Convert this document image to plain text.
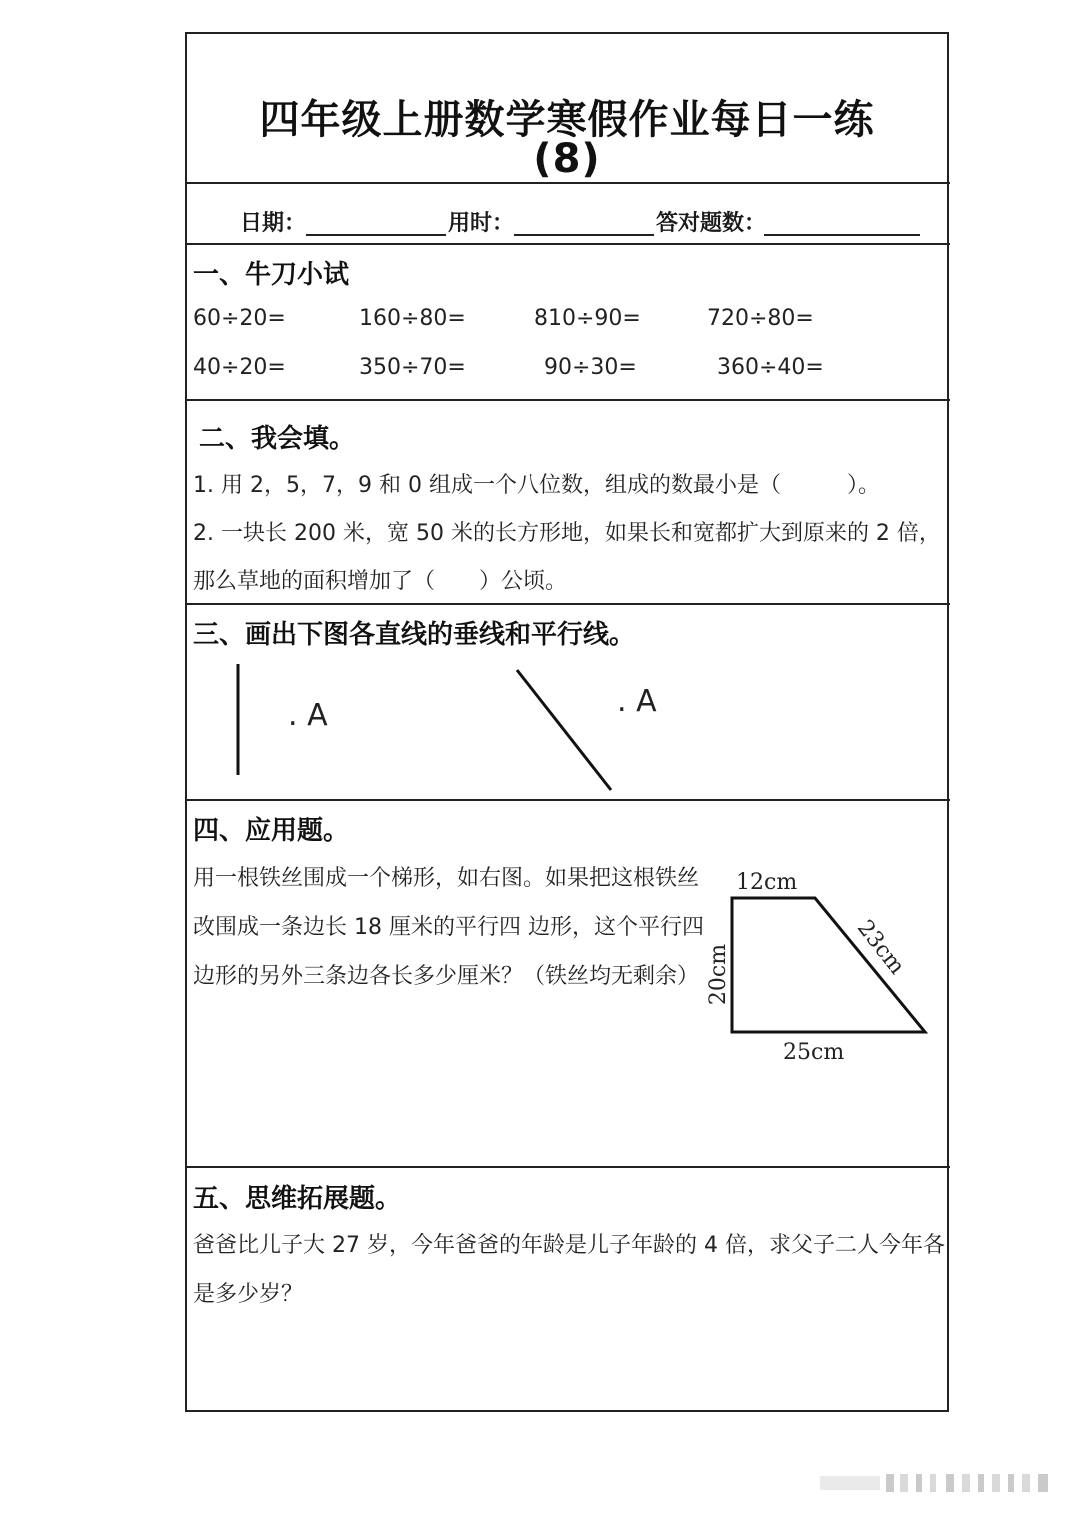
四年级上册数学寒假作业每日一练
(8)
日期：	用时：	答对题数：
一、牛刀小试
60÷20=	160÷80=	810÷90=	720÷80=
40÷20=	350÷70=	90÷30=	360÷40=
二、我会填。
1. 用 2，5，7，9 和 0 组成一个八位数，组成的数最小是（　　　）。
2. 一块长 200 米，宽 50 米的长方形地，如果长和宽都扩大到原来的 2 倍，
那么草地的面积增加了（　　）公顷。
三、画出下图各直线的垂线和平行线。
. A	. A
四、应用题。
用一根铁丝围成一个梯形，如右图。如果把这根铁丝
改围成一条边长 18 厘米的平行四 边形，这个平行四
边形的另外三条边各长多少厘米？（铁丝均无剩余）
12cm
23cm
20cm
25cm
五、思维拓展题。
爸爸比儿子大 27 岁，今年爸爸的年龄是儿子年龄的 4 倍，求父子二人今年各
是多少岁？
